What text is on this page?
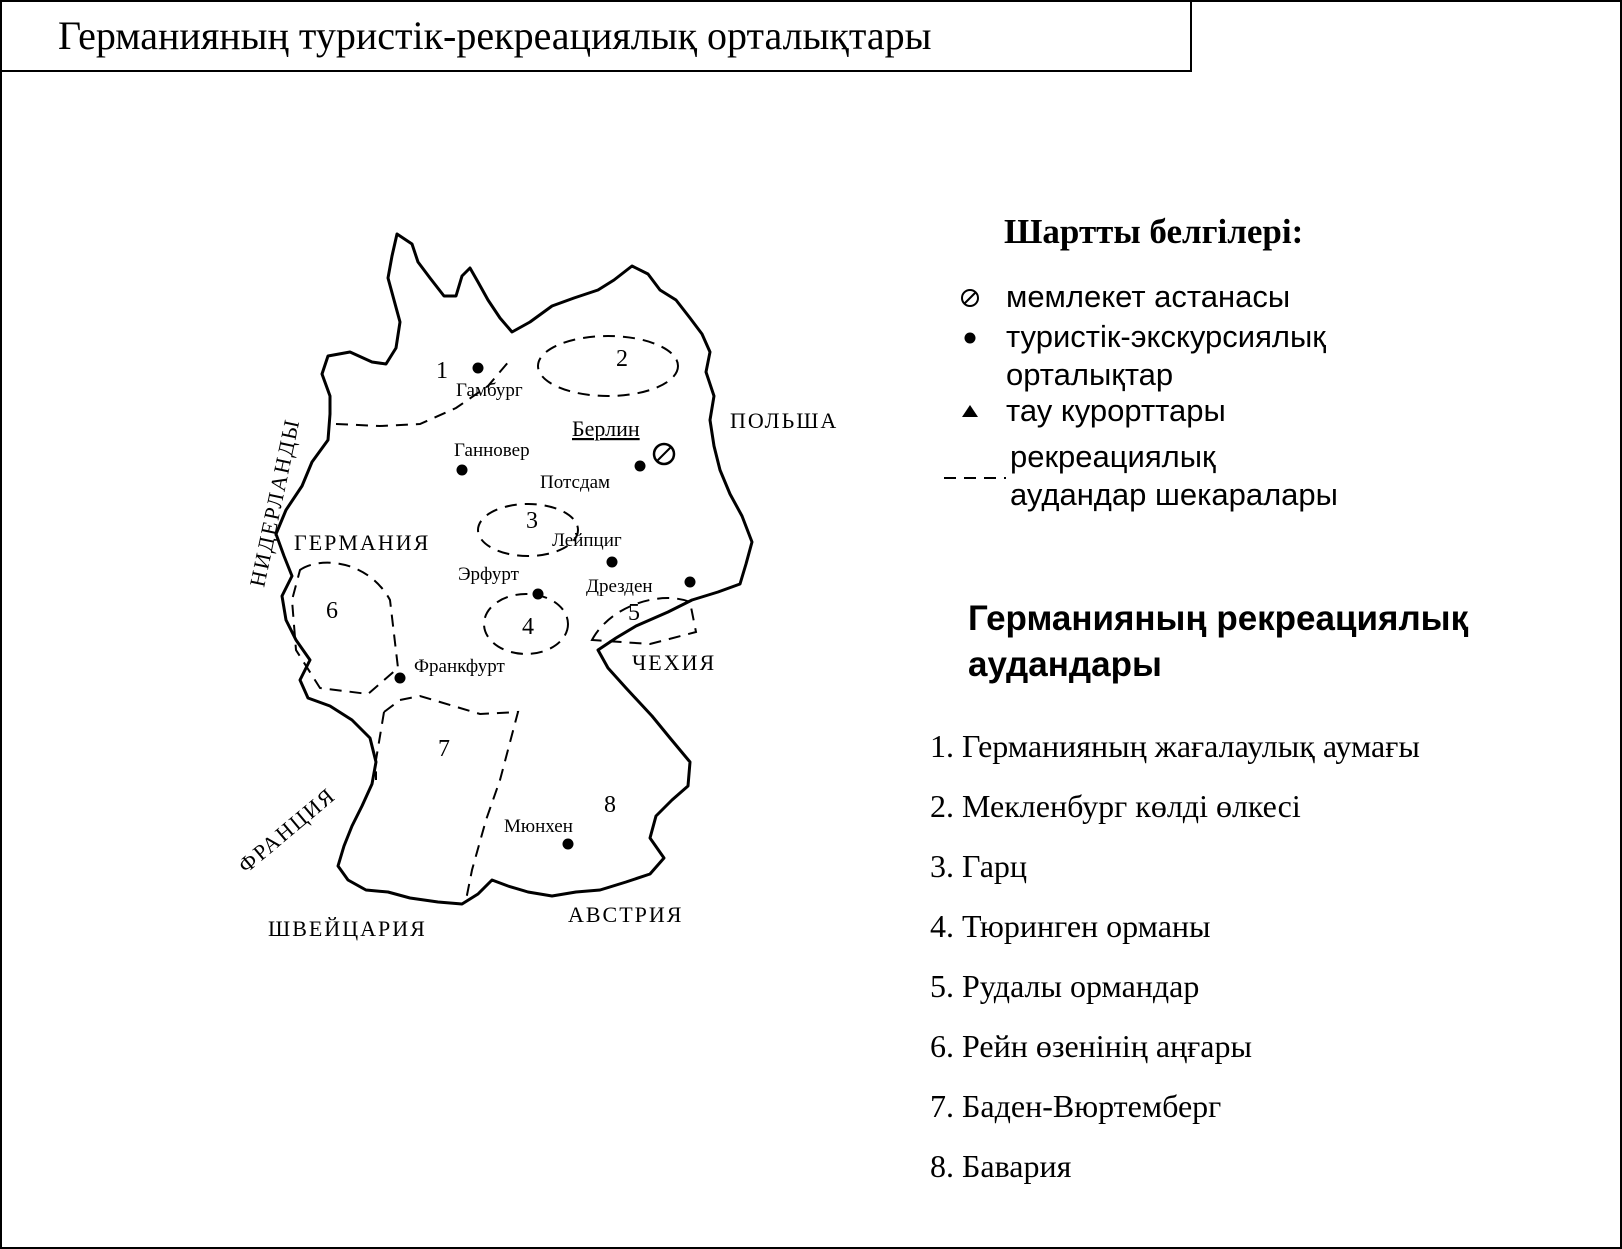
Германияның туристік-рекреациялық орталықтары
1	2
3
4
5
6
7
8
Гамбург
Берлин
Ганновер
Потсдам
Лейпциг
Эрфурт
Дрезден
Франкфурт
Мюнхен
ГЕРМАНИЯ
ПОЛЬША
ЧЕХИЯ
АВСТРИЯ
ШВЕЙЦАРИЯ
НИДЕРЛАНДЫ
ФРАНЦИЯ
Шартты белгілері:
мемлекет астанасы
туристік-экскурсиялық
орталықтар
тау курорттары
рекреациялық
аудандар шекаралары
Германияның рекреациялық
аудандары
1. Германияның жағалаулық аумағы
2. Мекленбург көлді өлкесі
3. Гарц
4. Тюринген орманы
5. Рудалы ормандар
6. Рейн өзенінің аңғары
7. Баден-Вюртемберг
8. Бавария
